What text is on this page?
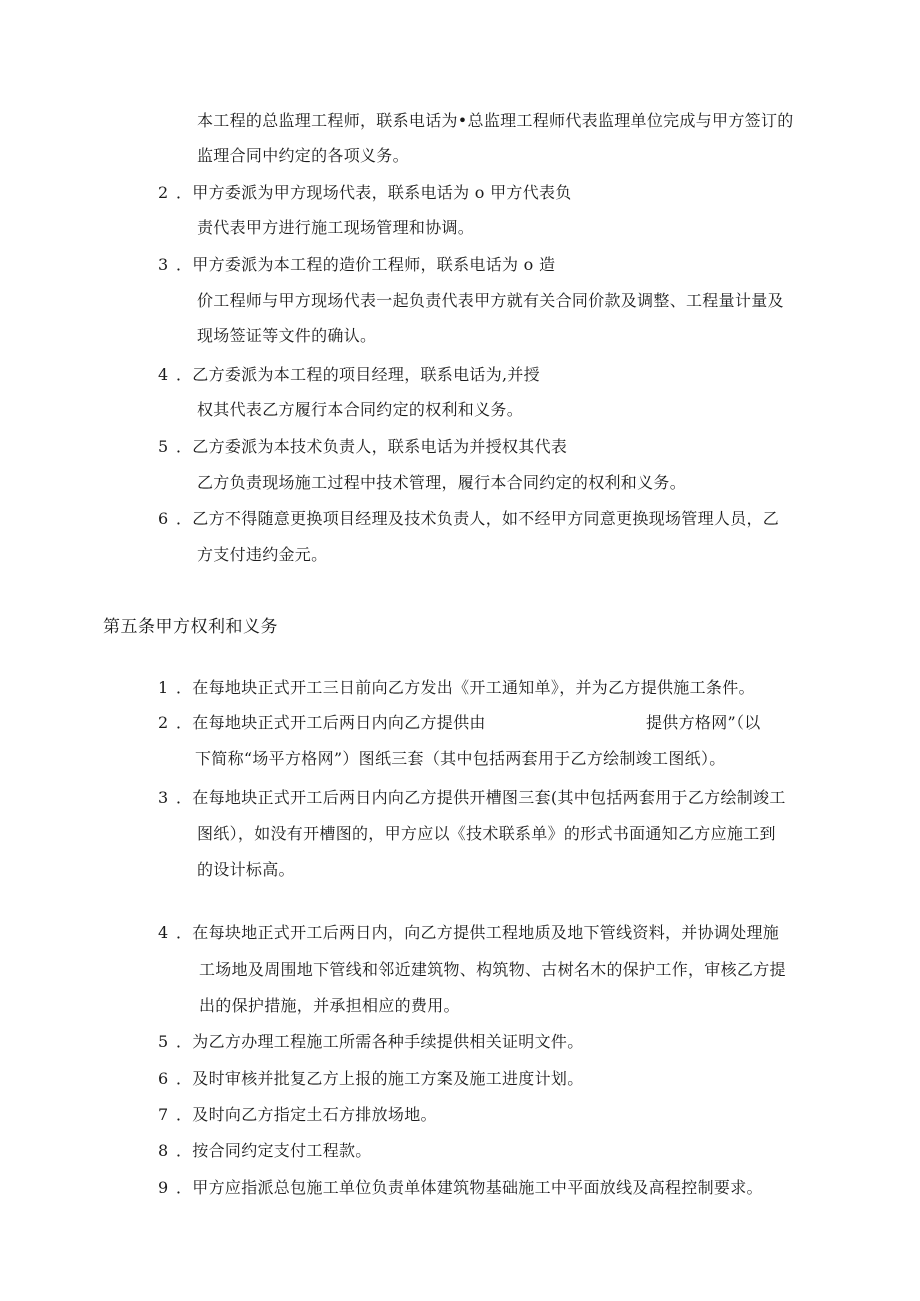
本工程的总监理工程师，联系电话为•总监理工程师代表监理单位完成与甲方签订的
监理合同中约定的各项义务。
2 ．甲方委派为甲方现场代表，联系电话为 o 甲方代表负
责代表甲方进行施工现场管理和协调。
3 ．甲方委派为本工程的造价工程师，联系电话为 o 造
价工程师与甲方现场代表一起负责代表甲方就有关合同价款及调整、工程量计量及
现场签证等文件的确认。
4 ．乙方委派为本工程的项目经理，联系电话为,并授
权其代表乙方履行本合同约定的权利和义务。
5 ．乙方委派为本技术负责人，联系电话为并授权其代表
乙方负责现场施工过程中技术管理，履行本合同约定的权利和义务。
6 ．乙方不得随意更换项目经理及技术负责人，如不经甲方同意更换现场管理人员，乙
方支付违约金元。
第五条甲方权利和义务
1 ．在每地块正式开工三日前向乙方发出《开工通知单》，并为乙方提供施工条件。
2 ．在每地块正式开工后两日内向乙方提供由	提供方格网”（以
下简称“场平方格网”）图纸三套（其中包括两套用于乙方绘制竣工图纸）。
3 ．在每地块正式开工后两日内向乙方提供开槽图三套(其中包括两套用于乙方绘制竣工
图纸），如没有开槽图的，甲方应以《技术联系单》的形式书面通知乙方应施工到
的设计标高。
4 ．在每块地正式开工后两日内，向乙方提供工程地质及地下管线资料，并协调处理施
工场地及周围地下管线和邻近建筑物、构筑物、古树名木的保护工作，审核乙方提
出的保护措施，并承担相应的费用。
5 ．为乙方办理工程施工所需各种手续提供相关证明文件。
6 ．及时审核并批复乙方上报的施工方案及施工进度计划。
7 ．及时向乙方指定土石方排放场地。
8 ．按合同约定支付工程款。
9 ．甲方应指派总包施工单位负责单体建筑物基础施工中平面放线及高程控制要求。
